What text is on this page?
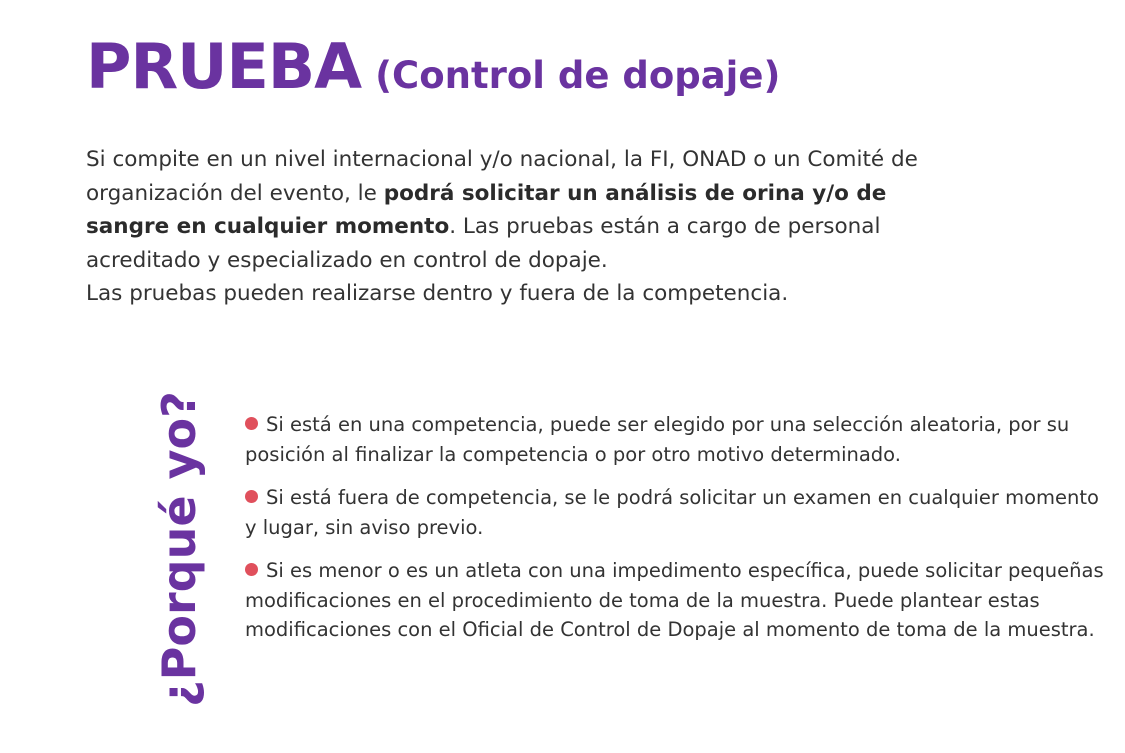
PRUEBA (Control de dopaje)

Si compite en un nivel internacional y/o nacional, la FI, ONAD o un Comité de organización del evento, le podrá solicitar un análisis de orina y/o de sangre en cualquier momento. Las pruebas están a cargo de personal acreditado y especializado en control de dopaje.

Las pruebas pueden realizarse dentro y fuera de la competencia.

¿Porqué yo?	Si está en una competencia, puede ser elegido por una selección aleatoria, por su posición al finalizar la competencia o por otro motivo determinado.
Si está fuera de competencia, se le podrá solicitar un examen en cualquier momento y lugar, sin aviso previo.
Si es menor o es un atleta con una impedimento específica, puede solicitar pequeñas modificaciones en el procedimiento de toma de la muestra. Puede plantear estas modificaciones con el Oficial de Control de Dopaje al momento de toma de la muestra.
